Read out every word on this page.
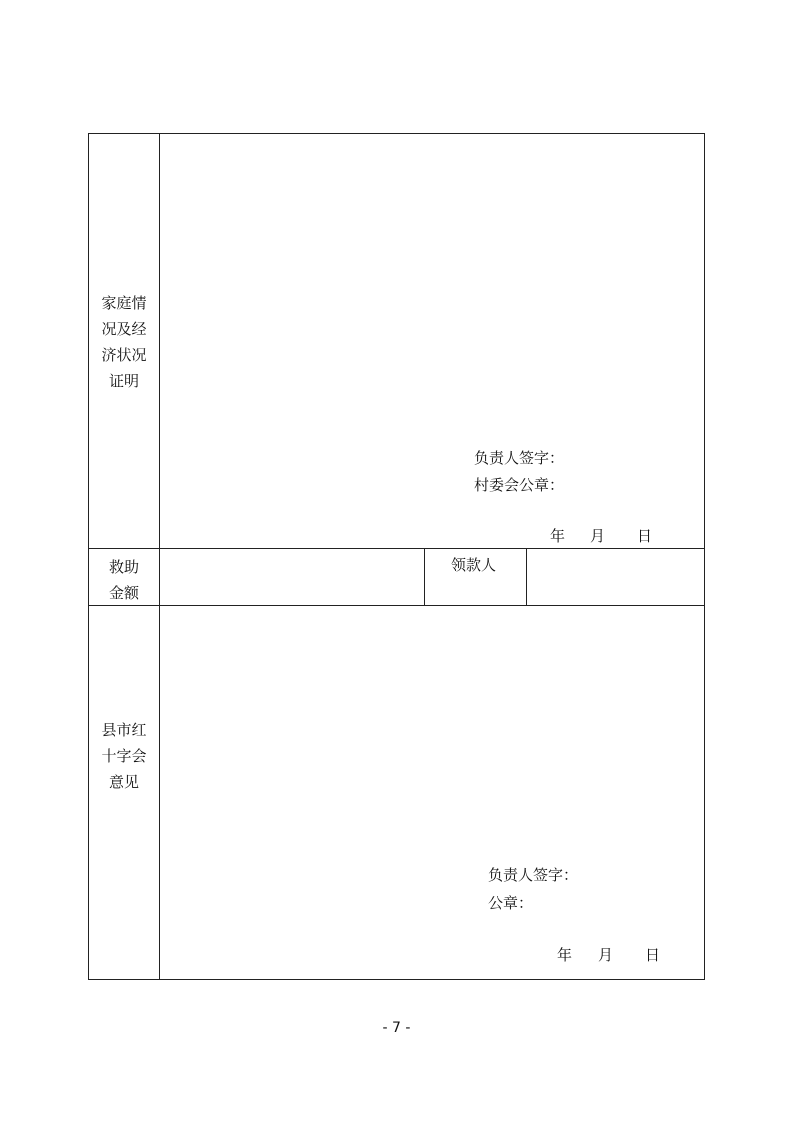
家庭情
况及经
济状况
证明
负责人签字：
村委会公章：
年 月 日
救助
金额
领款人
县市红
十字会
意见
负责人签字：
公章：
年 月 日
- 7 -
